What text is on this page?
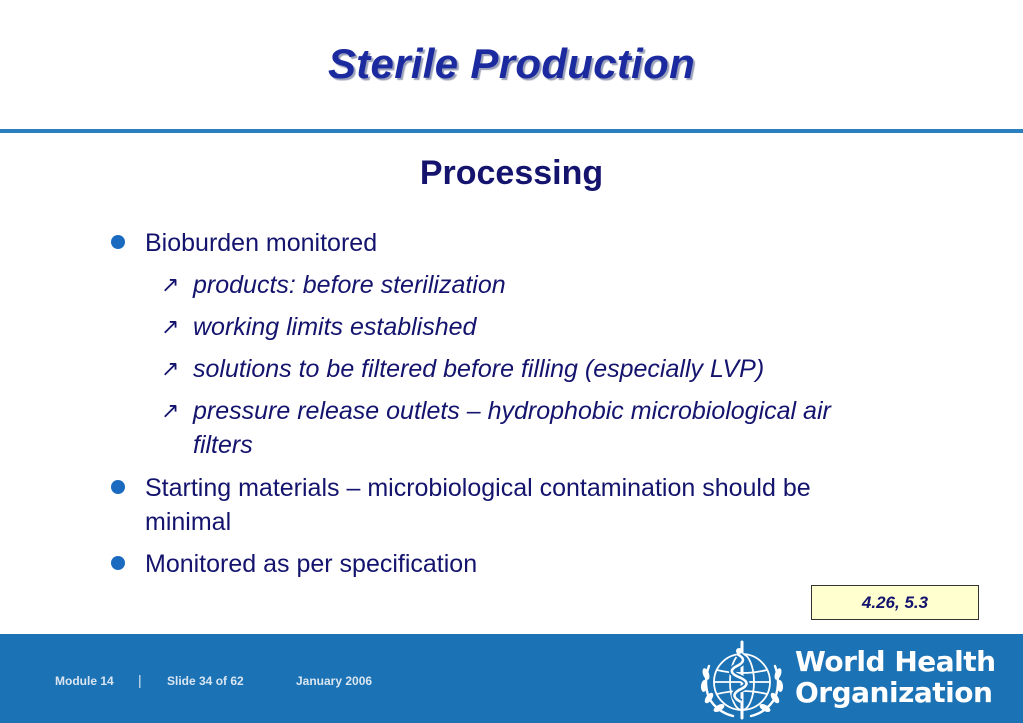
Sterile Production
Processing
Bioburden monitored
↗ products: before sterilization
↗ working limits established
↗ solutions to be filtered before filling (especially LVP)
↗ pressure release outlets – hydrophobic microbiological air
filters
Starting materials – microbiological contamination should be
minimal
Monitored as per specification
4.26, 5.3
Module 14 | Slide 34 of 62	January 2006
World Health
Organization
